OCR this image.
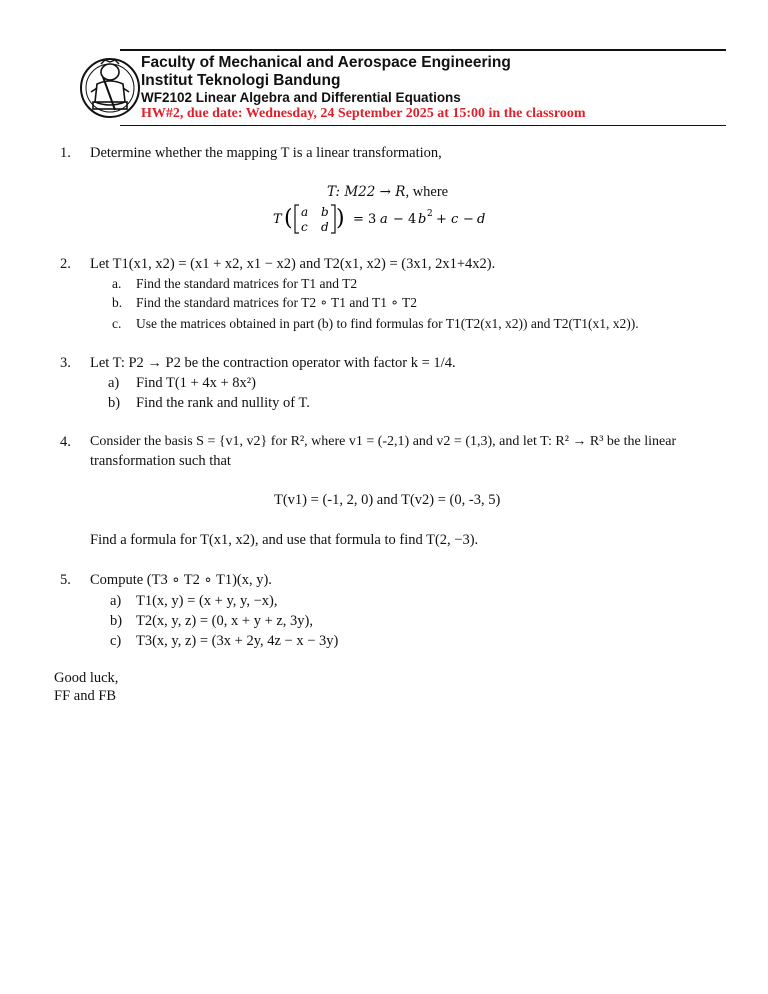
Faculty of Mechanical and Aerospace Engineering
Institut Teknologi Bandung
WF2102 Linear Algebra and Differential Equations
HW#2, due date: Wednesday, 24 September 2025 at 15:00 in the classroom
1. Determine whether the mapping T is a linear transformation,
T: M22 → R, where
T ( a b
c d ) = 3 a − 4 b 2 + c − d
2. Let T1(x1, x2) = (x1 + x2, x1 − x2) and T2(x1, x2) = (3x1, 2x1+4x2).
a. Find the standard matrices for T1 and T2
b. Find the standard matrices for T2 ∘ T1 and T1 ∘ T2
c. Use the matrices obtained in part (b) to find formulas for T1(T2(x1, x2)) and T2(T1(x1, x2)).
3. Let T: P2 → P2 be the contraction operator with factor k = 1/4.
a) Find T(1 + 4x + 8x²)
b) Find the rank and nullity of T.
4. Consider the basis S = {v1, v2} for R², where v1 = (-2,1) and v2 = (1,3), and let T: R² → R³ be the linear
transformation such that
T(v1) = (-1, 2, 0) and T(v2) = (0, -3, 5)
Find a formula for T(x1, x2), and use that formula to find T(2, −3).
5. Compute (T3 ∘ T2 ∘ T1)(x, y).
a) T1(x, y) = (x + y, y, −x),
b) T2(x, y, z) = (0, x + y + z, 3y),
c) T3(x, y, z) = (3x + 2y, 4z − x − 3y)
Good luck,
FF and FB
